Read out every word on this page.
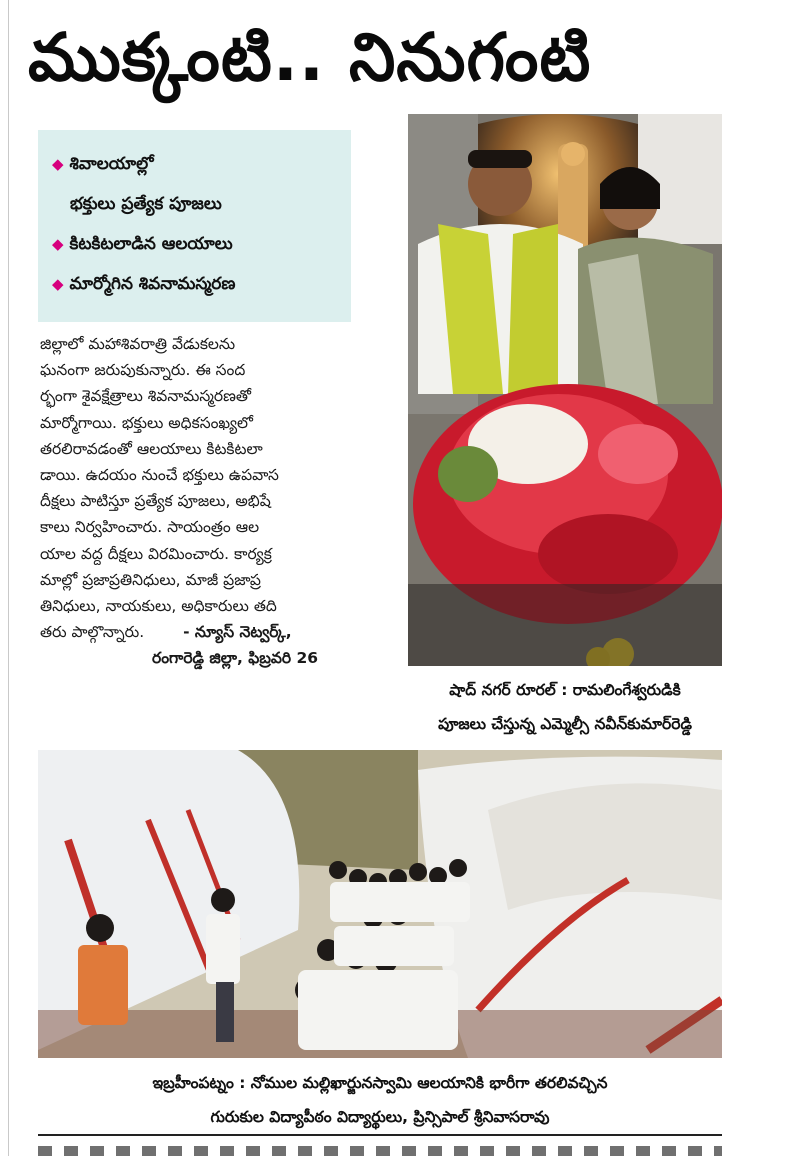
ముక్కంటి.. నినుగంటి
◆ శివాలయాల్లో
భక్తులు ప్రత్యేక పూజలు
◆ కిటకిటలాడిన ఆలయాలు
◆ మార్మోగిన శివనామస్మరణ
జిల్లాలో మహాశివరాత్రి వేడుకలను
ఘనంగా జరుపుకున్నారు. ఈ సంద
ర్భంగా శైవక్షేత్రాలు శివనామస్మరణతో
మార్మోగాయి. భక్తులు అధికసంఖ్యలో
తరలిరావడంతో ఆలయాలు కిటకిటలా
డాయి. ఉదయం నుంచే భక్తులు ఉపవాస
దీక్షలు పాటిస్తూ ప్రత్యేక పూజలు, అభిషే
కాలు నిర్వహించారు. సాయంత్రం ఆల
యాల వద్ద దీక్షలు విరమించారు. కార్యక్ర
మాల్లో ప్రజాప్రతినిధులు, మాజీ ప్రజాప్ర
తినిధులు, నాయకులు, అధికారులు తది
తరు పాల్గొన్నారు.	- న్యూస్ నెట్వర్క్,
రంగారెడ్డి జిల్లా, ఫిబ్రవరి 26
షాద్ నగర్ రూరల్ : రామలింగేశ్వరుడికి
పూజలు చేస్తున్న ఎమ్మెల్సీ నవీన్‌కుమార్‌రెడ్డి
ఇబ్రహీంపట్నం : నోముల మల్లిఖార్జునస్వామి ఆలయానికి భారీగా తరలివచ్చిన
గురుకుల విద్యాపీఠం విద్యార్థులు, ప్రిన్సిపాల్ శ్రీనివాసరావు
